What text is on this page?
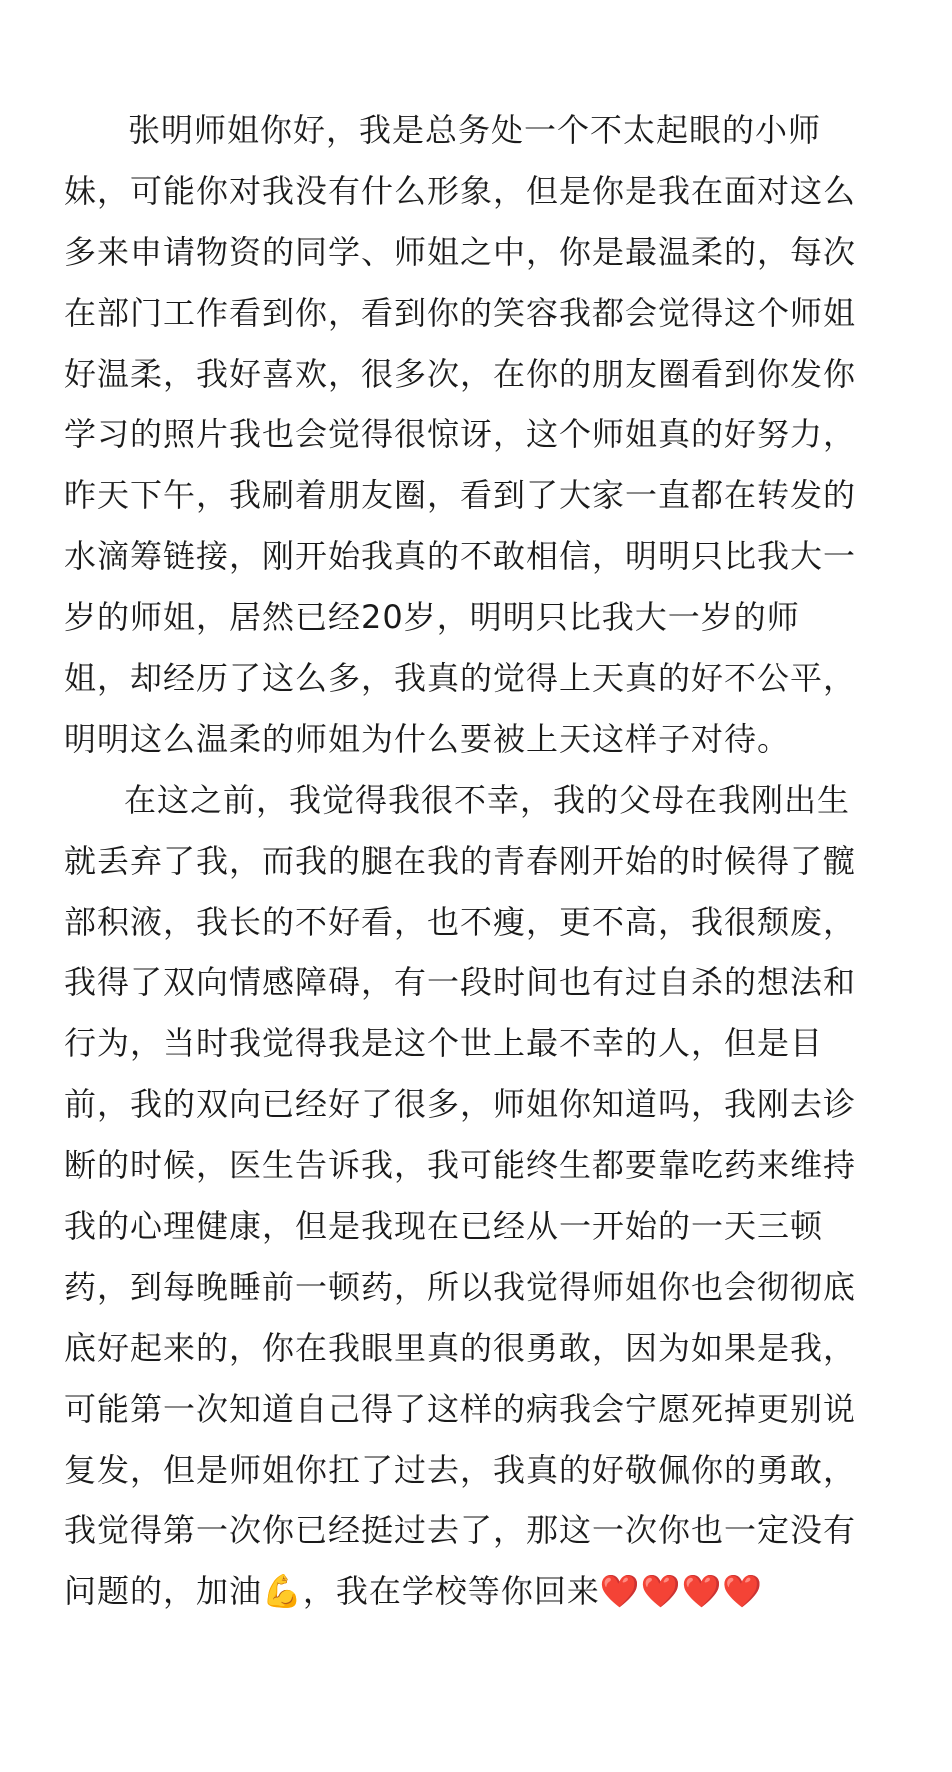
张明师姐你好，我是总务处一个不太起眼的小师
妹，可能你对我没有什么形象，但是你是我在面对这么
多来申请物资的同学、师姐之中，你是最温柔的，每次
在部门工作看到你，看到你的笑容我都会觉得这个师姐
好温柔，我好喜欢，很多次，在你的朋友圈看到你发你
学习的照片我也会觉得很惊讶，这个师姐真的好努力，
昨天下午，我刷着朋友圈，看到了大家一直都在转发的
水滴筹链接，刚开始我真的不敢相信，明明只比我大一
岁的师姐，居然已经20岁，明明只比我大一岁的师
姐，却经历了这么多，我真的觉得上天真的好不公平，
明明这么温柔的师姐为什么要被上天这样子对待。
在这之前，我觉得我很不幸，我的父母在我刚出生
就丢弃了我，而我的腿在我的青春刚开始的时候得了髋
部积液，我长的不好看，也不瘦，更不高，我很颓废，
我得了双向情感障碍，有一段时间也有过自杀的想法和
行为，当时我觉得我是这个世上最不幸的人，但是目
前，我的双向已经好了很多，师姐你知道吗，我刚去诊
断的时候，医生告诉我，我可能终生都要靠吃药来维持
我的心理健康，但是我现在已经从一开始的一天三顿
药，到每晚睡前一顿药，所以我觉得师姐你也会彻彻底
底好起来的，你在我眼里真的很勇敢，因为如果是我，
可能第一次知道自己得了这样的病我会宁愿死掉更别说
复发，但是师姐你扛了过去，我真的好敬佩你的勇敢，
我觉得第一次你已经挺过去了，那这一次你也一定没有
问题的，加油💪，我在学校等你回来❤️❤️❤️❤️
